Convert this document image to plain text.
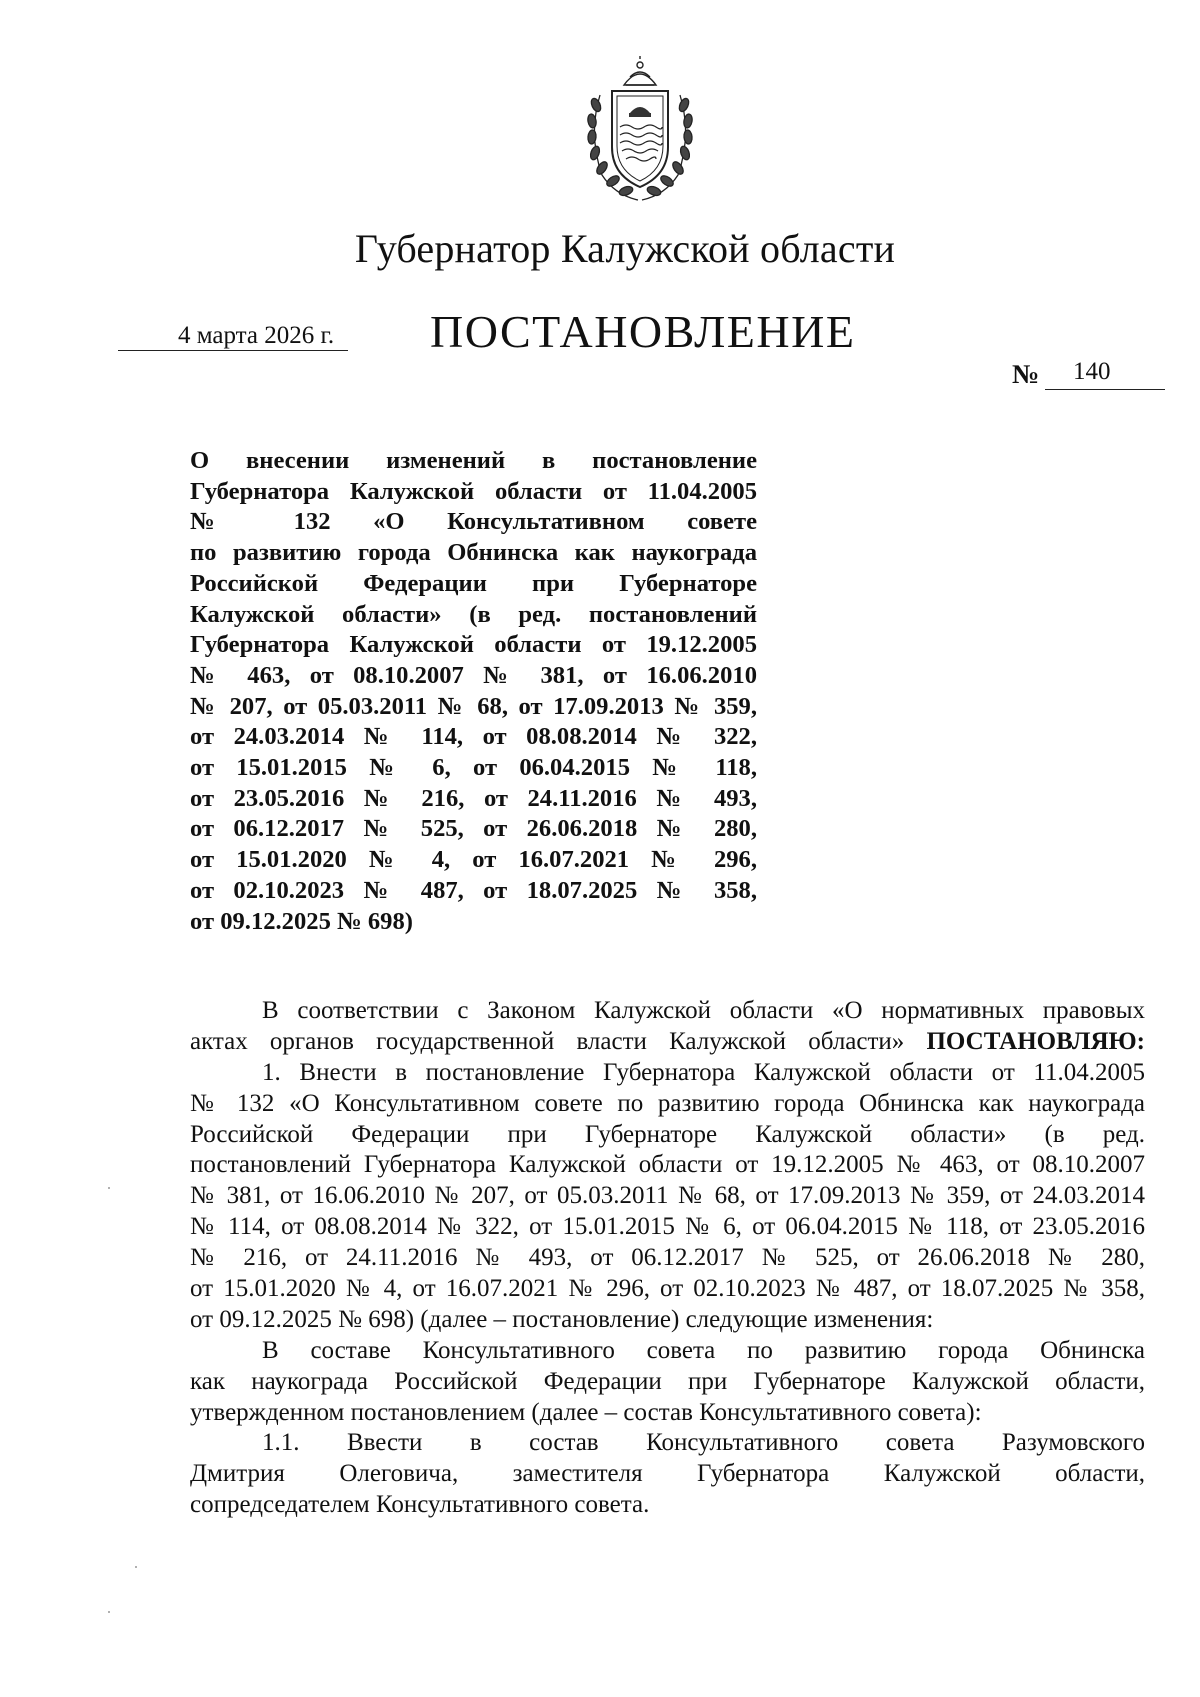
Губернатор Калужской области
ПОСТАНОВЛЕНИЕ
4 марта 2026 г.
№ 140
О внесении изменений в постановление
Губернатора Калужской области от 11.04.2005
№ 132 «О Консультативном совете
по развитию города Обнинска как наукограда
Российской Федерации при Губернаторе
Калужской области» (в ред. постановлений
Губернатора Калужской области от 19.12.2005
№ 463, от 08.10.2007 № 381, от 16.06.2010
№ 207, от 05.03.2011 № 68, от 17.09.2013 № 359,
от 24.03.2014 № 114, от 08.08.2014 № 322,
от 15.01.2015 № 6, от 06.04.2015 № 118,
от 23.05.2016 № 216, от 24.11.2016 № 493,
от 06.12.2017 № 525, от 26.06.2018 № 280,
от 15.01.2020 № 4, от 16.07.2021 № 296,
от 02.10.2023 № 487, от 18.07.2025 № 358,
от 09.12.2025 № 698)
В соответствии с Законом Калужской области «О нормативных правовых
актах органов государственной власти Калужской области» ПОСТАНОВЛЯЮ:
1. Внести в постановление Губернатора Калужской области от 11.04.2005
№ 132 «О Консультативном совете по развитию города Обнинска как наукограда
Российской Федерации при Губернаторе Калужской области» (в ред.
постановлений Губернатора Калужской области от 19.12.2005 № 463, от 08.10.2007
№ 381, от 16.06.2010 № 207, от 05.03.2011 № 68, от 17.09.2013 № 359, от 24.03.2014
№ 114, от 08.08.2014 № 322, от 15.01.2015 № 6, от 06.04.2015 № 118, от 23.05.2016
№ 216, от 24.11.2016 № 493, от 06.12.2017 № 525, от 26.06.2018 № 280,
от 15.01.2020 № 4, от 16.07.2021 № 296, от 02.10.2023 № 487, от 18.07.2025 № 358,
от 09.12.2025 № 698) (далее – постановление) следующие изменения:
В составе Консультативного совета по развитию города Обнинска
как наукограда Российской Федерации при Губернаторе Калужской области,
утвержденном постановлением (далее – состав Консультативного совета):
1.1. Ввести в состав Консультативного совета Разумовского
Дмитрия Олеговича, заместителя Губернатора Калужской области,
сопредседателем Консультативного совета.
